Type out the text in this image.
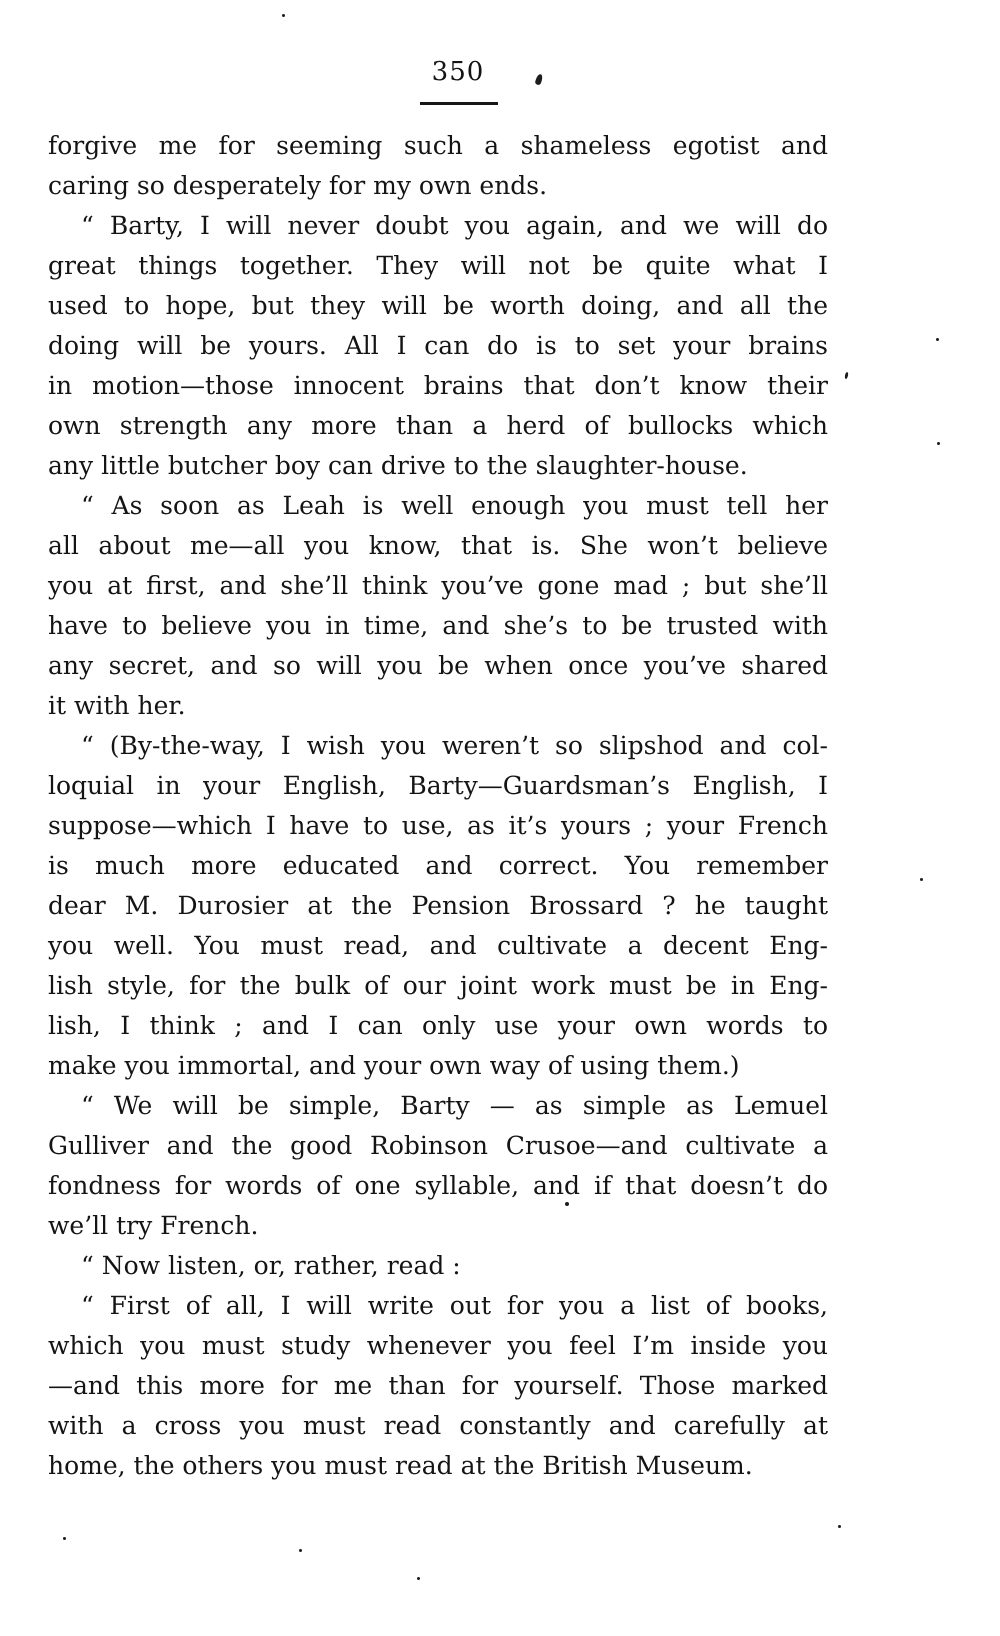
350
forgive me for seeming such a shameless egotist and
caring so desperately for my own ends.
“ Barty, I will never doubt you again, and we will do
great things together. They will not be quite what I
used to hope, but they will be worth doing, and all the
doing will be yours. All I can do is to set your brains
in motion—those innocent brains that don’t know their
own strength any more than a herd of bullocks which
any little butcher boy can drive to the slaughter-house.
“ As soon as Leah is well enough you must tell her
all about me—all you know, that is. She won’t believe
you at first, and she’ll think you’ve gone mad ; but she’ll
have to believe you in time, and she’s to be trusted with
any secret, and so will you be when once you’ve shared
it with her.
“ (By-the-way, I wish you weren’t so slipshod and col-
loquial in your English, Barty—Guardsman’s English, I
suppose—which I have to use, as it’s yours ; your French
is much more educated and correct. You remember
dear M. Durosier at the Pension Brossard ? he taught
you well. You must read, and cultivate a decent Eng-
lish style, for the bulk of our joint work must be in Eng-
lish, I think ; and I can only use your own words to
make you immortal, and your own way of using them.)
“ We will be simple, Barty — as simple as Lemuel
Gulliver and the good Robinson Crusoe—and cultivate a
fondness for words of one syllable, and if that doesn’t do
we’ll try French.
“ Now listen, or, rather, read :
“ First of all, I will write out for you a list of books,
which you must study whenever you feel I’m inside you
—and this more for me than for yourself. Those marked
with a cross you must read constantly and carefully at
home, the others you must read at the British Museum.
